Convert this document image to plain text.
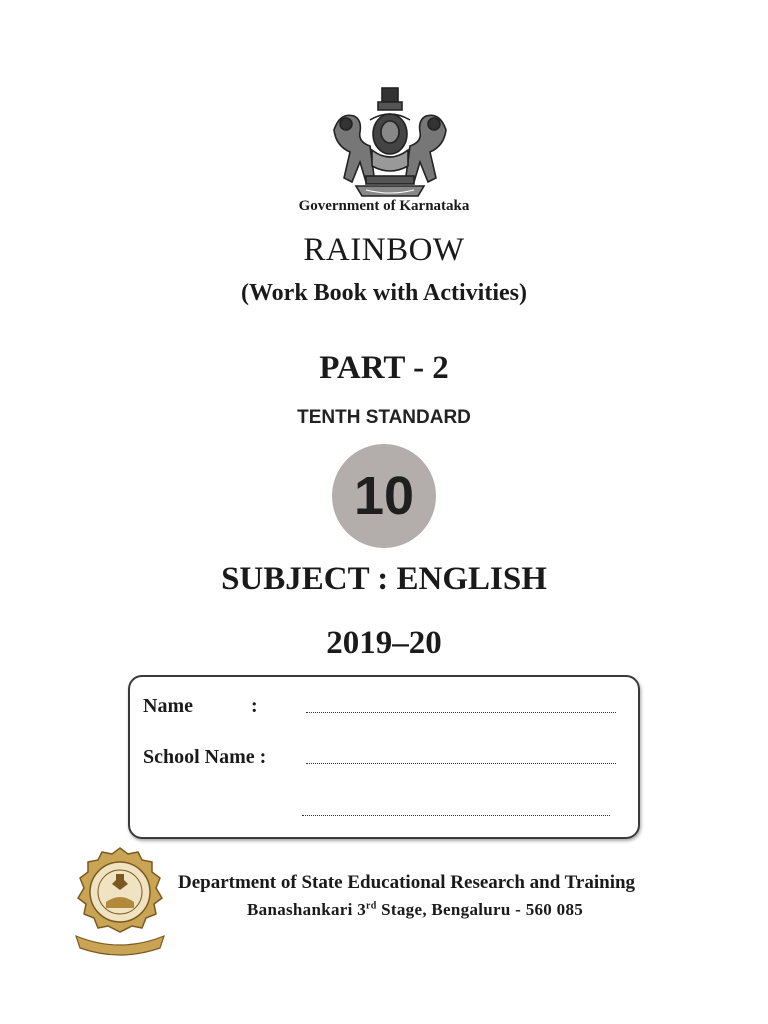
Government of Karnataka
RAINBOW
(Work Book with Activities)
PART - 2
TENTH STANDARD
10
SUBJECT : ENGLISH
2019–20
Name	:
School Name :
Department of State Educational Research and Training
Banashankari 3rd Stage, Bengaluru - 560 085
